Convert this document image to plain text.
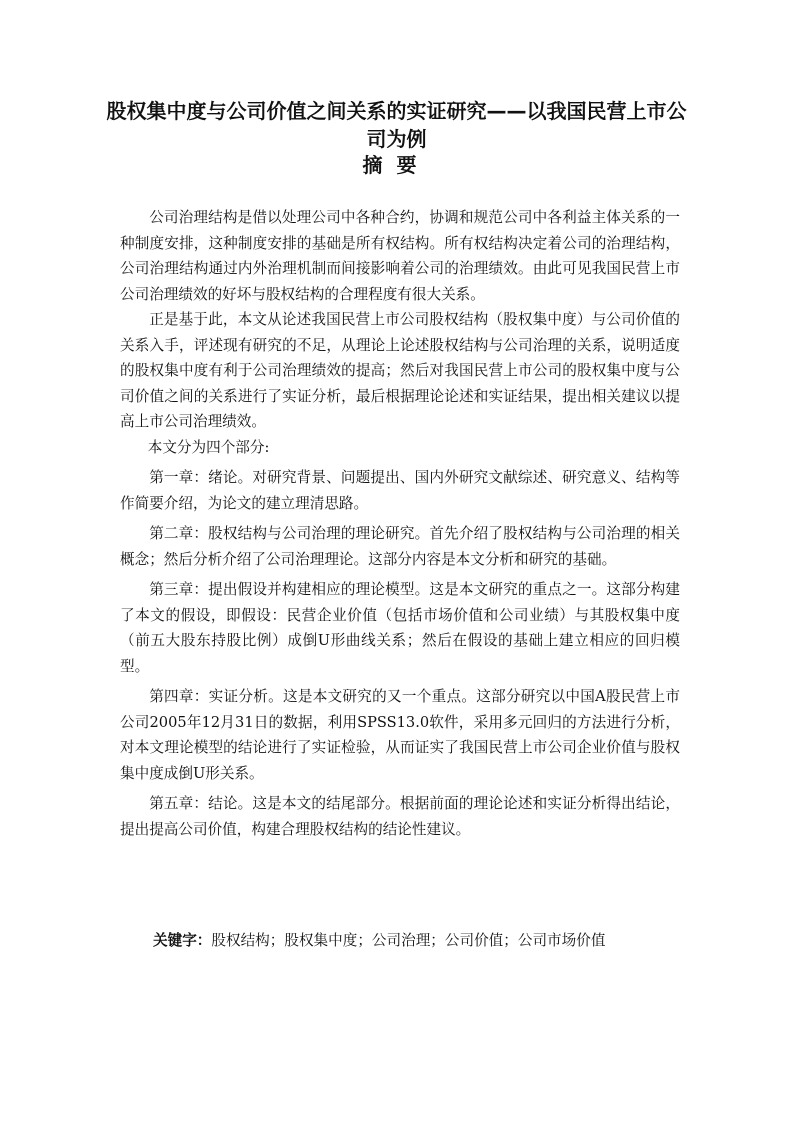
股权集中度与公司价值之间关系的实证研究——以我国民营上市公司为例
摘要

公司治理结构是借以处理公司中各种合约，协调和规范公司中各利益主体关系的一种制度安排，这种制度安排的基础是所有权结构。所有权结构决定着公司的治理结构，公司治理结构通过内外治理机制而间接影响着公司的治理绩效。由此可见我国民营上市公司治理绩效的好坏与股权结构的合理程度有很大关系。

正是基于此，本文从论述我国民营上市公司股权结构（股权集中度）与公司价值的关系入手，评述现有研究的不足，从理论上论述股权结构与公司治理的关系，说明适度的股权集中度有利于公司治理绩效的提高；然后对我国民营上市公司的股权集中度与公司价值之间的关系进行了实证分析，最后根据理论论述和实证结果，提出相关建议以提高上市公司治理绩效。

本文分为四个部分:

第一章：绪论。对研究背景、问题提出、国内外研究文献综述、研究意义、结构等作简要介绍，为论文的建立理清思路。

第二章：股权结构与公司治理的理论研究。首先介绍了股权结构与公司治理的相关概念；然后分析介绍了公司治理理论。这部分内容是本文分析和研究的基础。

第三章：提出假设并构建相应的理论模型。这是本文研究的重点之一。这部分构建了本文的假设，即假设：民营企业价值（包括市场价值和公司业绩）与其股权集中度（前五大股东持股比例）成倒U形曲线关系；然后在假设的基础上建立相应的回归模型。

第四章：实证分析。这是本文研究的又一个重点。这部分研究以中国A股民营上市公司2005年12月31日的数据，利用SPSS13.0软件，采用多元回归的方法进行分析，对本文理论模型的结论进行了实证检验，从而证实了我国民营上市公司企业价值与股权集中度成倒U形关系。

第五章：结论。这是本文的结尾部分。根据前面的理论论述和实证分析得出结论，提出提高公司价值，构建合理股权结构的结论性建议。

关键字：股权结构；股权集中度；公司治理；公司价值；公司市场价值
